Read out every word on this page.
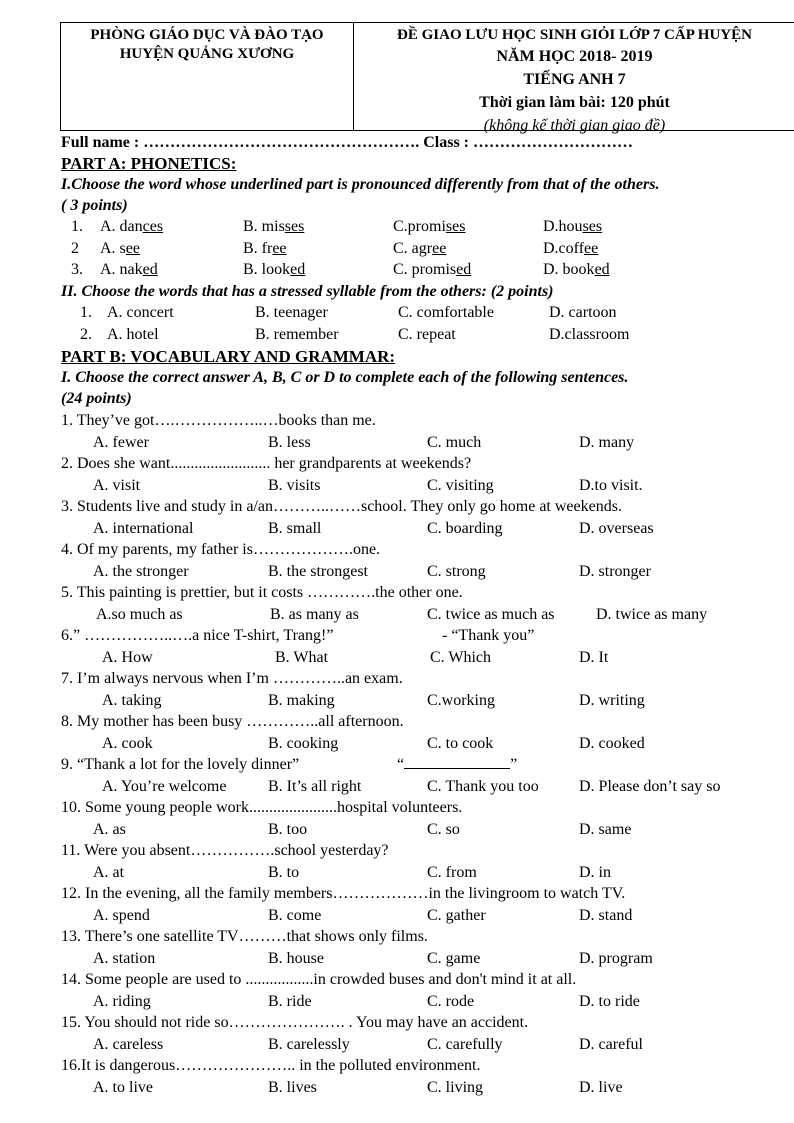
PHÒNG GIÁO DỤC VÀ ĐÀO TẠO
HUYỆN QUẢNG XƯƠNG
ĐỀ GIAO LƯU HỌC SINH GIỎI LỚP 7 CẤP HUYỆN
NĂM HỌC 2018- 2019
TIẾNG ANH 7
Thời gian làm bài: 120 phút
(không kể thời gian giao đề)
Full name : ……………………………………………. Class : …………………………
PART A: PHONETICS:
I.Choose the word whose underlined part is pronounced differently from that of the others.
( 3 points)
1. A. dances	B. misses	C.promises	D.houses
2 A. see	B. free	C. agree	D.coffee
3. A. naked	B. looked	C. promised	D. booked
II. Choose the words that has a stressed syllable from the others: (2 points)
1. A. concert	B. teenager	C. comfortable	D. cartoon
2. A. hotel	B. remember	C. repeat	D.classroom
PART B: VOCABULARY AND GRAMMAR:
I. Choose the correct answer A, B, C or D to complete each of the following sentences.
(24 points)
1. They’ve got….……………..…books than me.
A. fewer	B. less	C. much	D. many
2. Does she want......................... her grandparents at weekends?
A. visit	B. visits	C. visiting	D.to visit.
3. Students live and study in a/an………..……school. They only go home at weekends.
A. international	B. small	C. boarding	D. overseas
4. Of my parents, my father is……………….one.
A. the stronger	B. the strongest	C. strong	D. stronger
5. This painting is prettier, but it costs ………….the other one.
A.so much as	B. as many as	C. twice as much as	D. twice as many
6.” ……………..….a nice T-shirt, Trang!”	- “Thank you”
A. How	B. What	C. Which	D. It
7. I’m always nervous when I’m …………..an exam.
A. taking	B. making	C.working	D. writing
8. My mother has been busy …………..all afternoon.
A. cook	B. cooking	C. to cook	D. cooked
9. “Thank a lot for the lovely dinner”	“	”
A. You’re welcome	B. It’s all right	C. Thank you too	D. Please don’t say so
10. Some young people work......................hospital volunteers.
A. as	B. too	C. so	D. same
11. Were you absent…………….school yesterday?
A. at	B. to	C. from	D. in
12. In the evening, all the family members………………in the livingroom to watch TV.
A. spend	B. come	C. gather	D. stand
13. There’s one satellite TV………that shows only films.
A. station	B. house	C. game	D. program
14. Some people are used to .................in crowded buses and don't mind it at all.
A. riding	B. ride	C. rode	D. to ride
15. You should not ride so…………………. . You may have an accident.
A. careless	B. carelessly	C. carefully	D. careful
16.It is dangerous………………….. in the polluted environment.
A. to live	B. lives	C. living	D. live
